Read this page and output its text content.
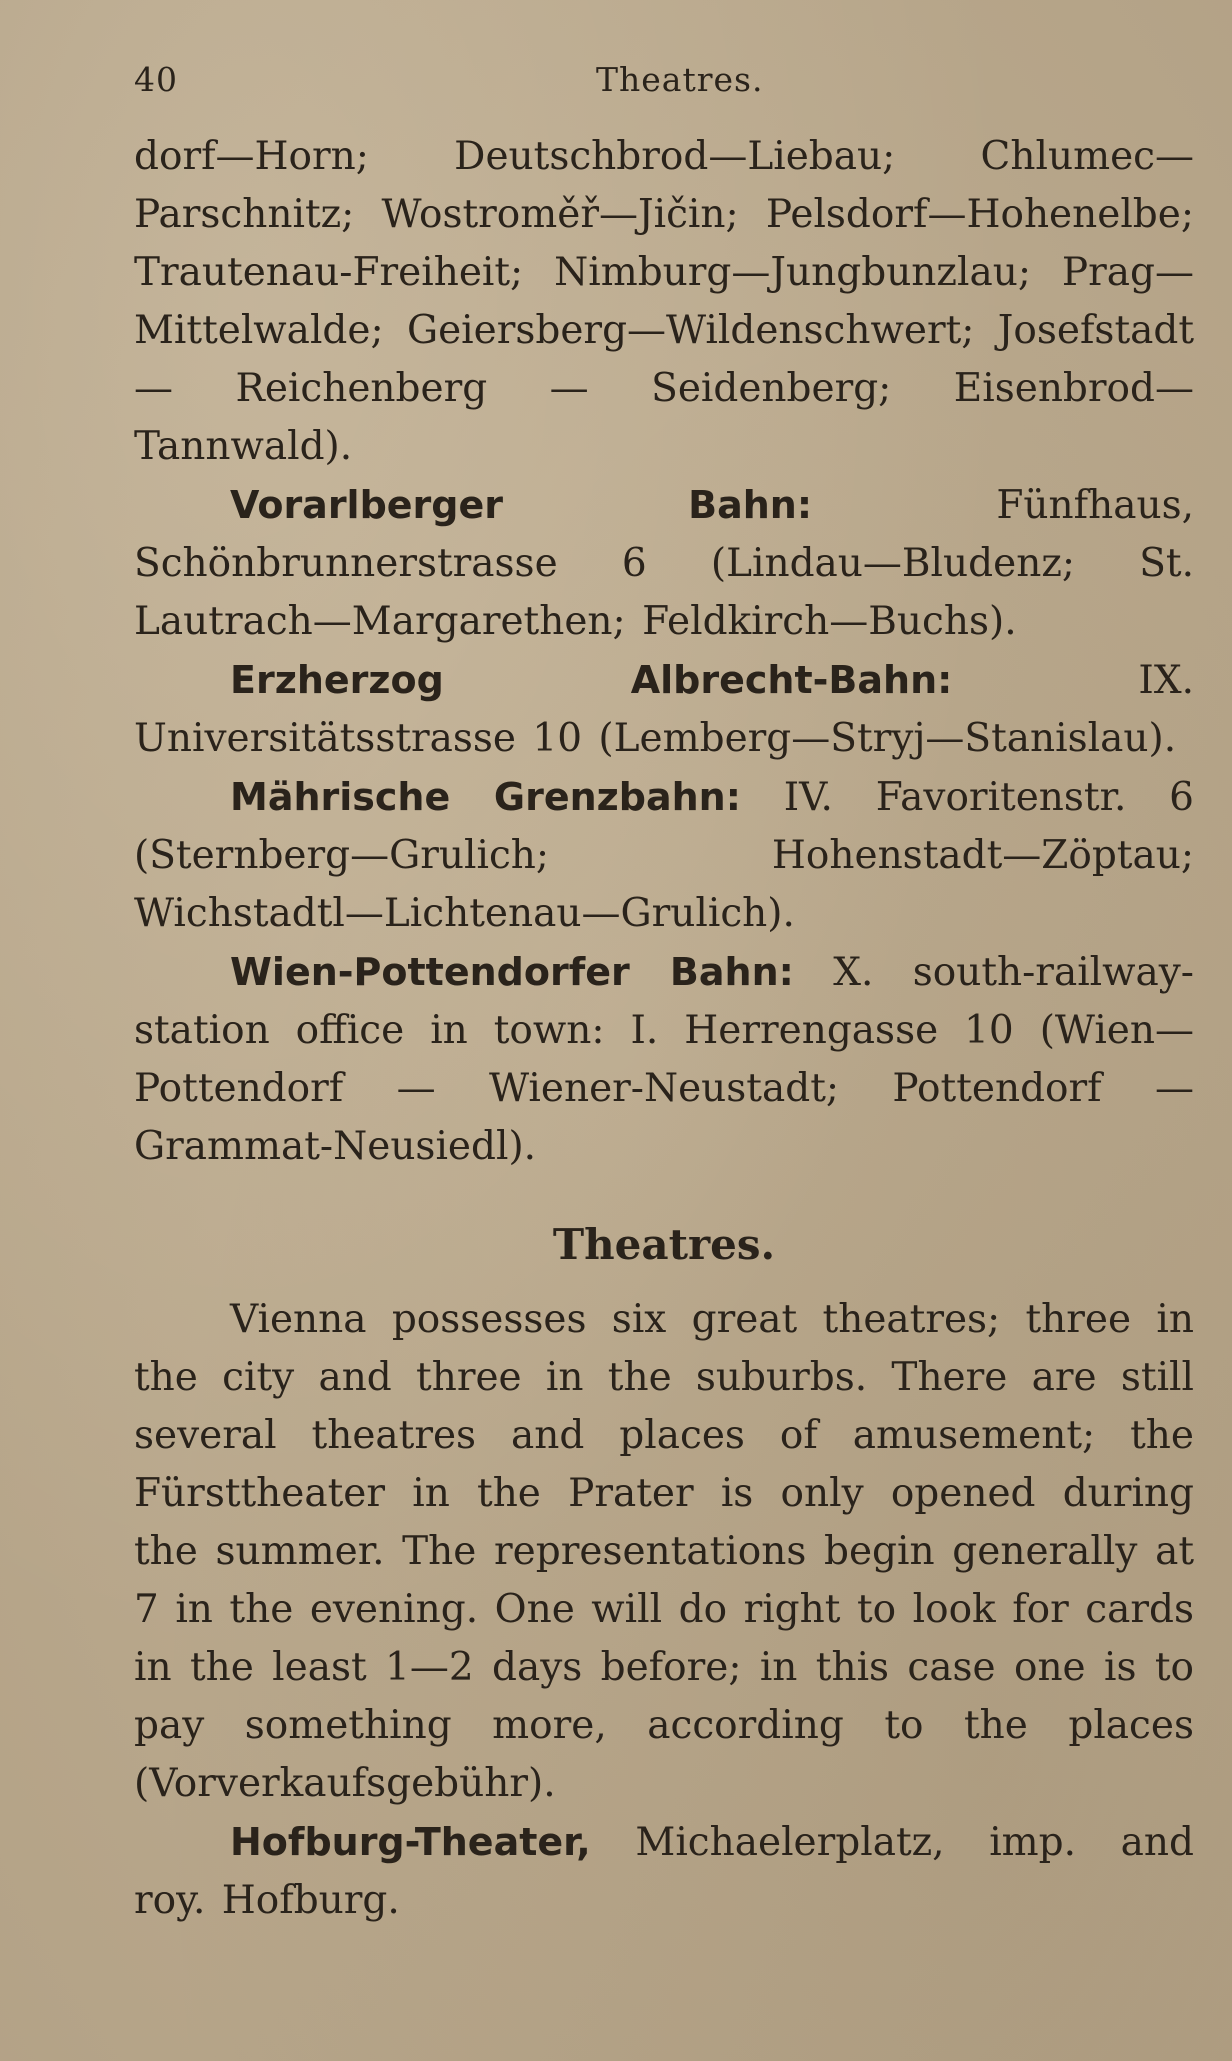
40	Theatres.

dorf—Horn; Deutschbrod—Liebau; Chlumec—Parschnitz; Wostroměř—Jičin; Pelsdorf—Hohenelbe; Trautenau-Freiheit; Nimburg—Jungbunzlau; Prag—Mittelwalde; Geiersberg—Wildenschwert; Josefstadt — Reichenberg — Seidenberg; Eisenbrod—Tannwald).

Vorarlberger Bahn: Fünfhaus, Schönbrunnerstrasse 6 (Lindau—Bludenz; St. Lautrach—Margarethen; Feldkirch—Buchs).

Erzherzog Albrecht-Bahn: IX. Universitätsstrasse 10 (Lemberg—Stryj—Stanislau).

Mährische Grenzbahn: IV. Favoritenstr. 6 (Sternberg—Grulich; Hohenstadt—Zöptau; Wichstadtl—Lichtenau—Grulich).

Wien-Pottendorfer Bahn: X. south-railway-station office in town: I. Herrengasse 10 (Wien—Pottendorf — Wiener-Neustadt; Pottendorf — Grammat-Neusiedl).

Theatres.

Vienna possesses six great theatres; three in the city and three in the suburbs. There are still several theatres and places of amusement; the Fürsttheater in the Prater is only opened during the summer. The representations begin generally at 7 in the evening. One will do right to look for cards in the least 1—2 days before; in this case one is to pay something more, according to the places (Vorverkaufsgebühr).

Hofburg-Theater, Michaelerplatz, imp. and roy. Hofburg.
